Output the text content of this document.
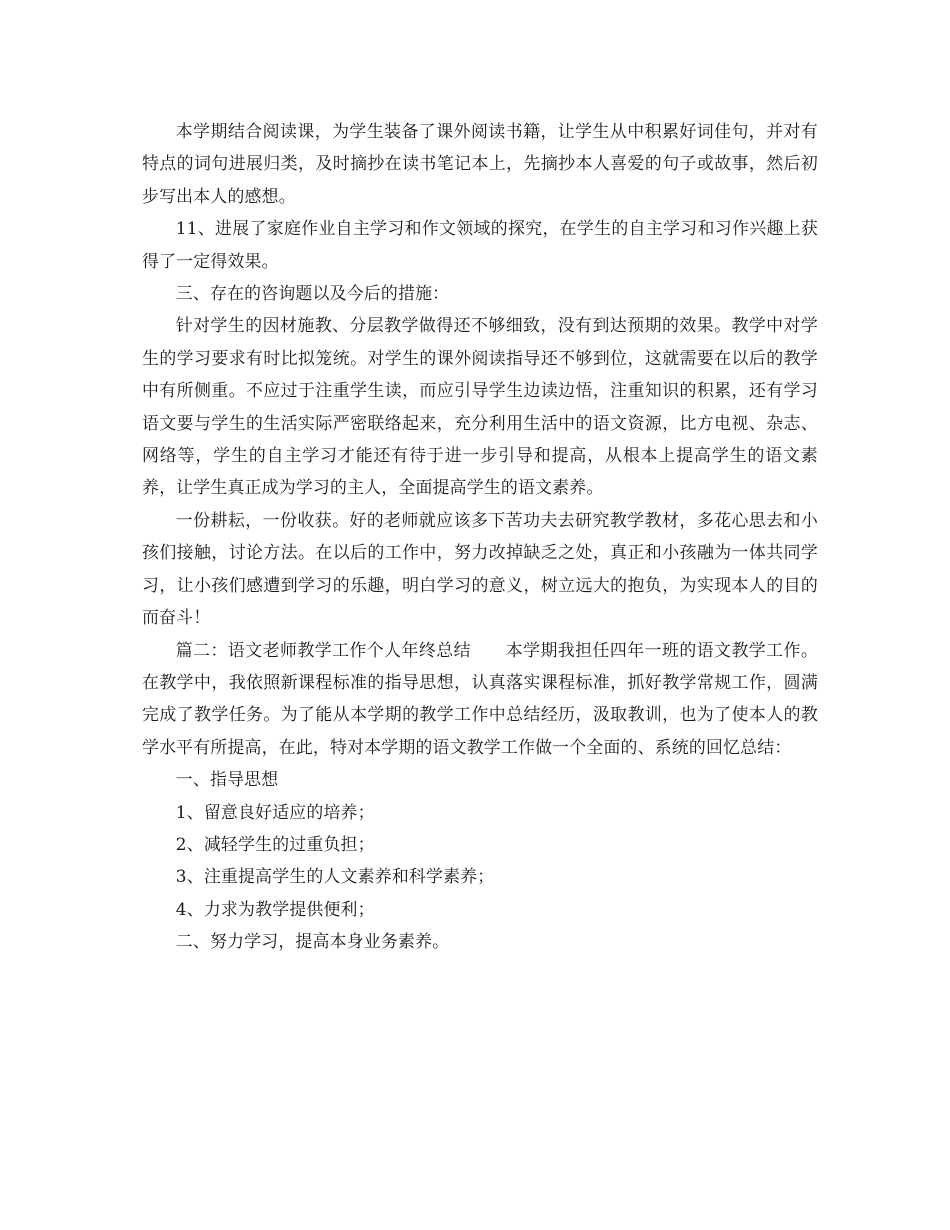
本学期结合阅读课，为学生装备了课外阅读书籍，让学生从中积累好词佳句，并对有特点的词句进展归类，及时摘抄在读书笔记本上，先摘抄本人喜爱的句子或故事，然后初步写出本人的感想。

11、进展了家庭作业自主学习和作文领域的探究，在学生的自主学习和习作兴趣上获得了一定得效果。

三、存在的咨询题以及今后的措施：

针对学生的因材施教、分层教学做得还不够细致，没有到达预期的效果。教学中对学生的学习要求有时比拟笼统。对学生的课外阅读指导还不够到位，这就需要在以后的教学中有所侧重。不应过于注重学生读，而应引导学生边读边悟，注重知识的积累，还有学习语文要与学生的生活实际严密联络起来，充分利用生活中的语文资源，比方电视、杂志、网络等，学生的自主学习才能还有待于进一步引导和提高，从根本上提高学生的语文素养，让学生真正成为学习的主人，全面提高学生的语文素养。

一份耕耘，一份收获。好的老师就应该多下苦功夫去研究教学教材，多花心思去和小孩们接触，讨论方法。在以后的工作中，努力改掉缺乏之处，真正和小孩融为一体共同学习，让小孩们感遭到学习的乐趣，明白学习的意义，树立远大的抱负，为实现本人的目的而奋斗！

篇二：语文老师教学工作个人年终总结　　本学期我担任四年一班的语文教学工作。在教学中，我依照新课程标准的指导思想，认真落实课程标准，抓好教学常规工作，圆满完成了教学任务。为了能从本学期的教学工作中总结经历，汲取教训，也为了使本人的教学水平有所提高，在此，特对本学期的语文教学工作做一个全面的、系统的回忆总结：

一、指导思想

1、留意良好适应的培养；

2、减轻学生的过重负担；

3、注重提高学生的人文素养和科学素养；

4、力求为教学提供便利；

二、努力学习，提高本身业务素养。
